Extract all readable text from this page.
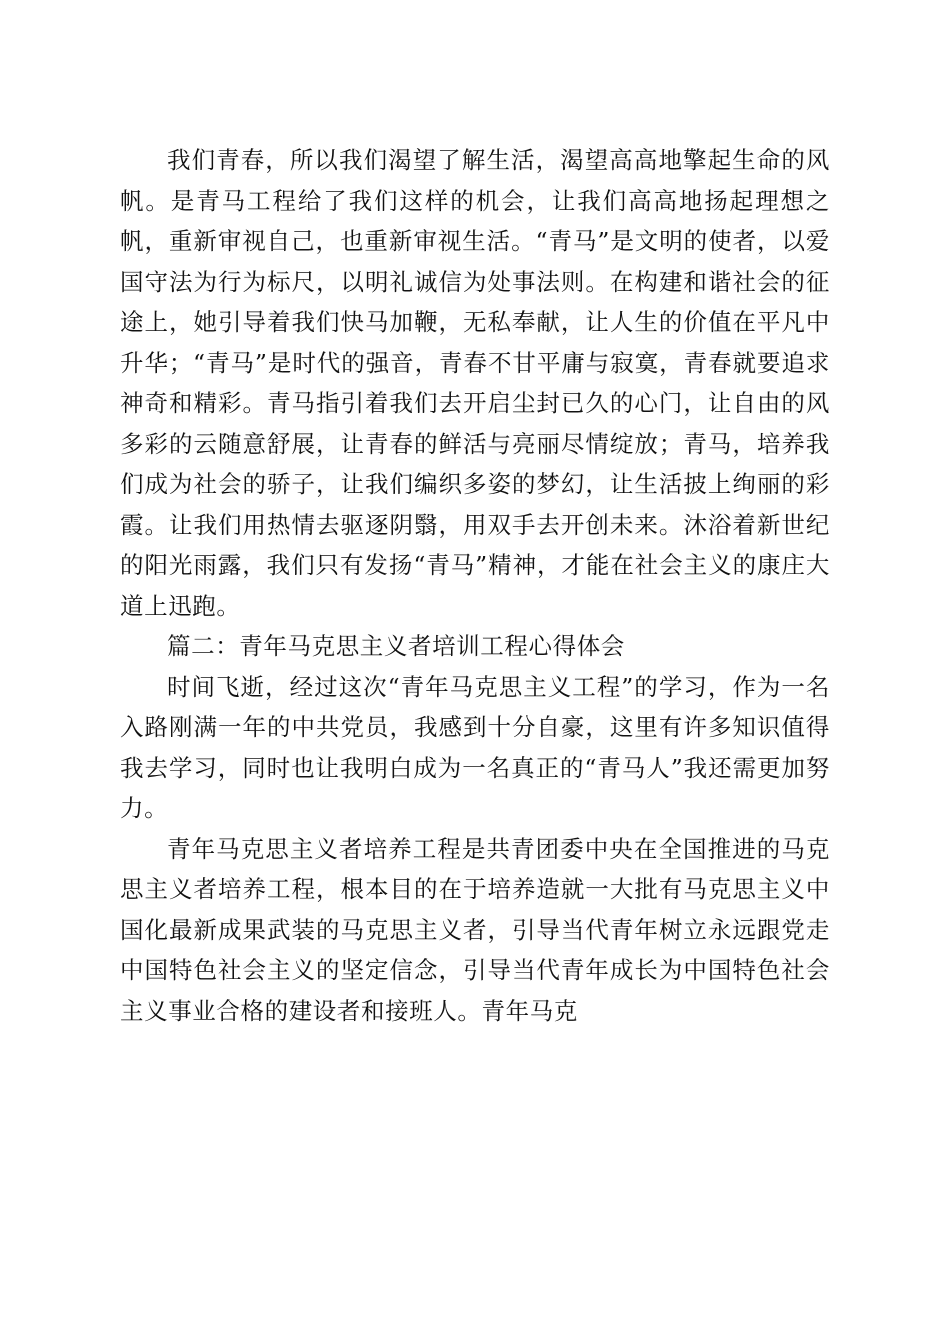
我们青春，所以我们渴望了解生活，渴望高高地擎起生命的风帆。是青马工程给了我们这样的机会，让我们高高地扬起理想之帆，重新审视自己，也重新审视生活。“青马”是文明的使者，以爱国守法为行为标尺，以明礼诚信为处事法则。在构建和谐社会的征途上，她引导着我们快马加鞭，无私奉献，让人生的价值在平凡中升华；“青马”是时代的强音，青春不甘平庸与寂寞，青春就要追求神奇和精彩。青马指引着我们去开启尘封已久的心门，让自由的风多彩的云随意舒展，让青春的鲜活与亮丽尽情绽放；青马，培养我们成为社会的骄子，让我们编织多姿的梦幻，让生活披上绚丽的彩霞。让我们用热情去驱逐阴翳，用双手去开创未来。沐浴着新世纪的阳光雨露，我们只有发扬“青马”精神，才能在社会主义的康庄大道上迅跑。

篇二：青年马克思主义者培训工程心得体会

时间飞逝，经过这次“青年马克思主义工程”的学习，作为一名入路刚满一年的中共党员，我感到十分自豪，这里有许多知识值得我去学习，同时也让我明白成为一名真正的“青马人”我还需更加努力。

青年马克思主义者培养工程是共青团委中央在全国推进的马克思主义者培养工程，根本目的在于培养造就一大批有马克思主义中国化最新成果武装的马克思主义者，引导当代青年树立永远跟党走中国特色社会主义的坚定信念，引导当代青年成长为中国特色社会主义事业合格的建设者和接班人。青年马克
